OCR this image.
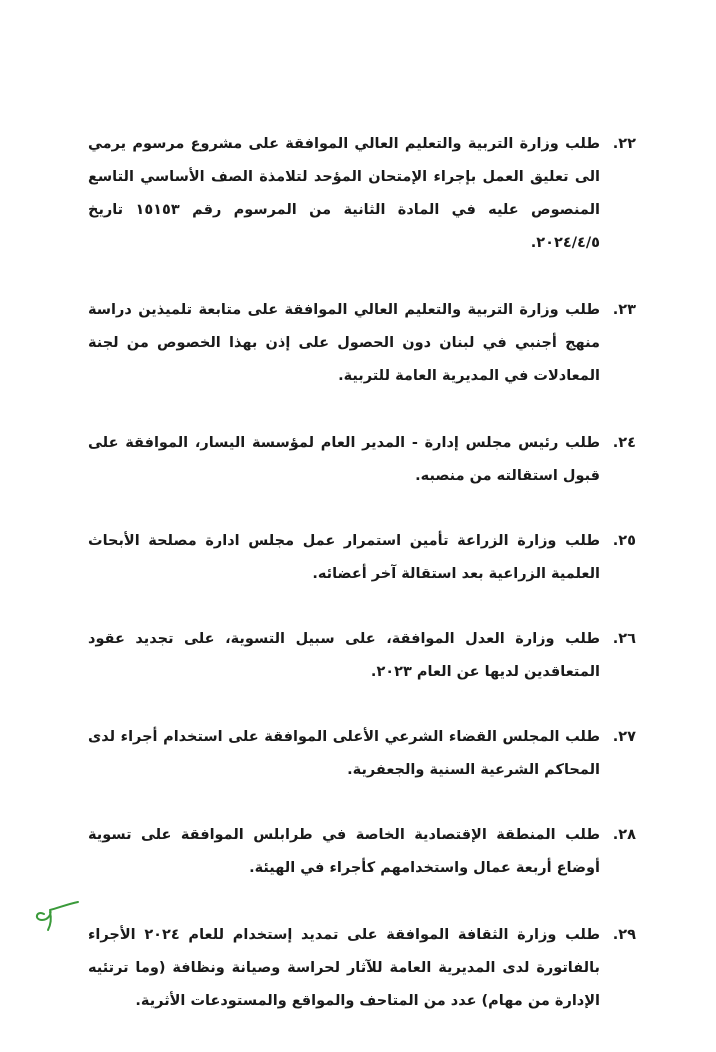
٢٢.
طلب وزارة التربية والتعليم العالي الموافقة على مشروع مرسوم يرمي الى تعليق العمل بإجراء الإمتحان المؤحد لتلامذة الصف الأساسي التاسع المنصوص عليه في المادة الثانية من المرسوم رقم ١٥١٥٣ تاريخ ٢٠٢٤/٤/٥.
٢٣.
طلب وزارة التربية والتعليم العالي الموافقة على متابعة تلميذين دراسة منهج أجنبي في لبنان دون الحصول على إذن بهذا الخصوص من لجنة المعادلات في المديرية العامة للتربية.
٢٤.
طلب رئيس مجلس إدارة - المدير العام لمؤسسة اليسار، الموافقة على قبول استقالته من منصبه.
٢٥.
طلب وزارة الزراعة تأمين استمرار عمل مجلس ادارة مصلحة الأبحاث العلمية الزراعية بعد استقالة آخر أعضائه.
٢٦.
طلب وزارة العدل الموافقة، على سبيل التسوية، على تجديد عقود المتعاقدين لديها عن العام ٢٠٢٣.
٢٧.
طلب المجلس القضاء الشرعي الأعلى الموافقة على استخدام أجراء لدى المحاكم الشرعية السنية والجعفرية.
٢٨.
طلب المنطقة الإقتصادية الخاصة في طرابلس الموافقة على تسوية أوضاع أربعة عمال واستخدامهم كأجراء في الهيئة.
٢٩.
طلب وزارة الثقافة الموافقة على تمديد إستخدام للعام ٢٠٢٤ الأجراء بالفاتورة لدى المديرية العامة للآثار لحراسة وصيانة ونظافة (وما ترتئيه الإدارة من مهام) عدد من المتاحف والمواقع والمستودعات الأثرية.
